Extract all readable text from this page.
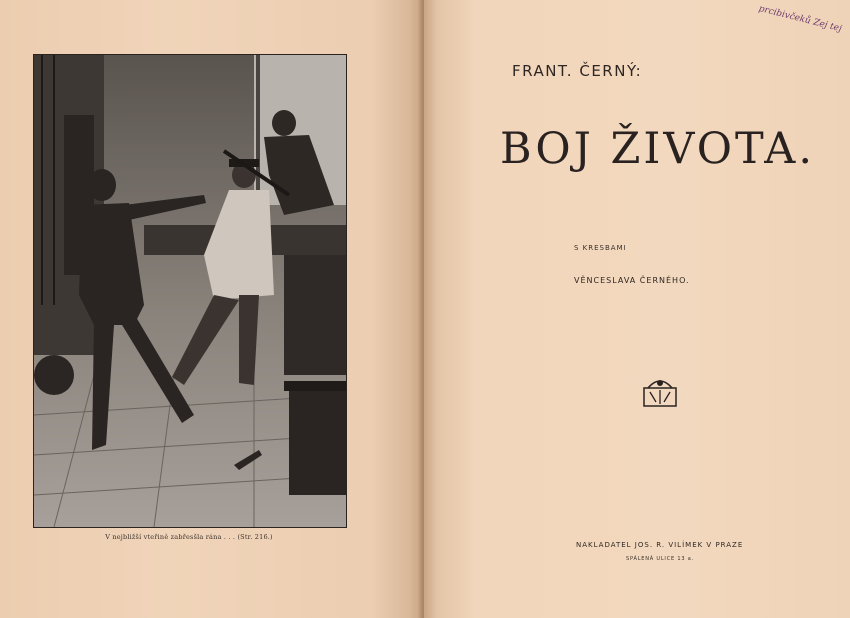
V nejbližší vteřině zabřesšla rána . . . (Str. 216.)
prcibivčeků Zej tej
FRANT. ČERNÝ:
BOJ ŽIVOTA.
S KRESBAMI
VĚNCESLAVA ČERNÉHO.
NAKLADATEL JOS. R. VILÍMEK V PRAZE
SPÁLENÁ ULICE 13 a.
